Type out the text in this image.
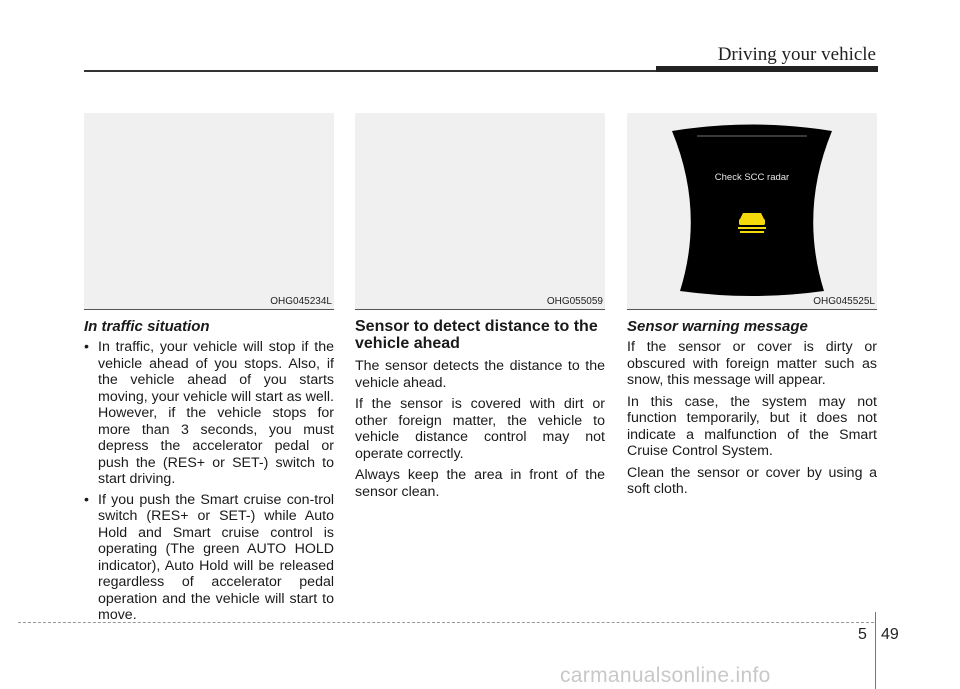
Driving your vehicle
OHG045234L
In traffic situation
• In traffic, your vehicle will stop if the vehicle ahead of you stops. Also, if the vehicle ahead of you starts moving, your vehicle will start as well. However, if the vehicle stops for more than 3 seconds, you must depress the accelerator pedal or push the (RES+ or SET-) switch to start driving.
• If you push the Smart cruise con-trol switch (RES+ or SET-) while Auto Hold and Smart cruise control is operating (The green AUTO HOLD indicator), Auto Hold will be released regardless of accelerator pedal operation and the vehicle will start to move.
OHG055059
Sensor to detect distance to the vehicle ahead

The sensor detects the distance to the vehicle ahead.

If the sensor is covered with dirt or other foreign matter, the vehicle to vehicle distance control may not operate correctly.

Always keep the area in front of the sensor clean.

Check SCC radar
OHG045525L
Sensor warning message

If the sensor or cover is dirty or obscured with foreign matter such as snow, this message will appear.

In this case, the system may not function temporarily, but it does not indicate a malfunction of the Smart Cruise Control System.

Clean the sensor or cover by using a soft cloth.

5 49
carmanualsonline.info
